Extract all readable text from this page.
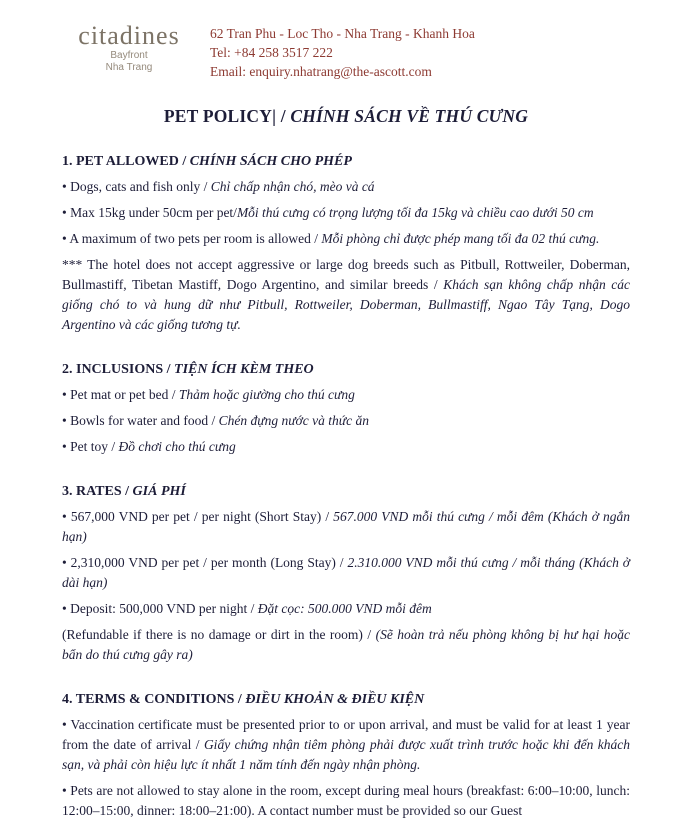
citadines
Bayfront
Nha Trang
62 Tran Phu - Loc Tho - Nha Trang - Khanh Hoa
Tel: +84 258 3517 222
Email: enquiry.nhatrang@the-ascott.com
PET POLICY| / CHÍNH SÁCH VỀ THÚ CƯNG
1. PET ALLOWED / CHÍNH SÁCH CHO PHÉP

• Dogs, cats and fish only / Chỉ chấp nhận chó, mèo và cá

• Max 15kg under 50cm per pet/Mỗi thú cưng có trọng lượng tối đa 15kg và chiều cao dưới 50 cm

• A maximum of two pets per room is allowed / Mỗi phòng chỉ được phép mang tối đa 02 thú cưng.

*** The hotel does not accept aggressive or large dog breeds such as Pitbull, Rottweiler, Doberman, Bullmastiff, Tibetan Mastiff, Dogo Argentino, and similar breeds / Khách sạn không chấp nhận các giống chó to và hung dữ như Pitbull, Rottweiler, Doberman, Bullmastiff, Ngao Tây Tạng, Dogo Argentino và các giống tương tự.

2. INCLUSIONS / TIỆN ÍCH KÈM THEO

• Pet mat or pet bed / Thảm hoặc giường cho thú cưng

• Bowls for water and food / Chén đựng nước và thức ăn

• Pet toy / Đồ chơi cho thú cưng

3. RATES / GIÁ PHÍ

• 567,000 VND per pet / per night (Short Stay) / 567.000 VND mỗi thú cưng / mỗi đêm (Khách ở ngắn hạn)

• 2,310,000 VND per pet / per month (Long Stay) / 2.310.000 VND mỗi thú cưng / mỗi tháng (Khách ở dài hạn)

• Deposit: 500,000 VND per night / Đặt cọc: 500.000 VND mỗi đêm

(Refundable if there is no damage or dirt in the room) / (Sẽ hoàn trả nếu phòng không bị hư hại hoặc bẩn do thú cưng gây ra)

4. TERMS & CONDITIONS / ĐIỀU KHOẢN & ĐIỀU KIỆN

• Vaccination certificate must be presented prior to or upon arrival, and must be valid for at least 1 year from the date of arrival / Giấy chứng nhận tiêm phòng phải được xuất trình trước hoặc khi đến khách sạn, và phải còn hiệu lực ít nhất 1 năm tính đến ngày nhận phòng.

• Pets are not allowed to stay alone in the room, except during meal hours (breakfast: 6:00–10:00, lunch: 12:00–15:00, dinner: 18:00–21:00). A contact number must be provided so our Guest
